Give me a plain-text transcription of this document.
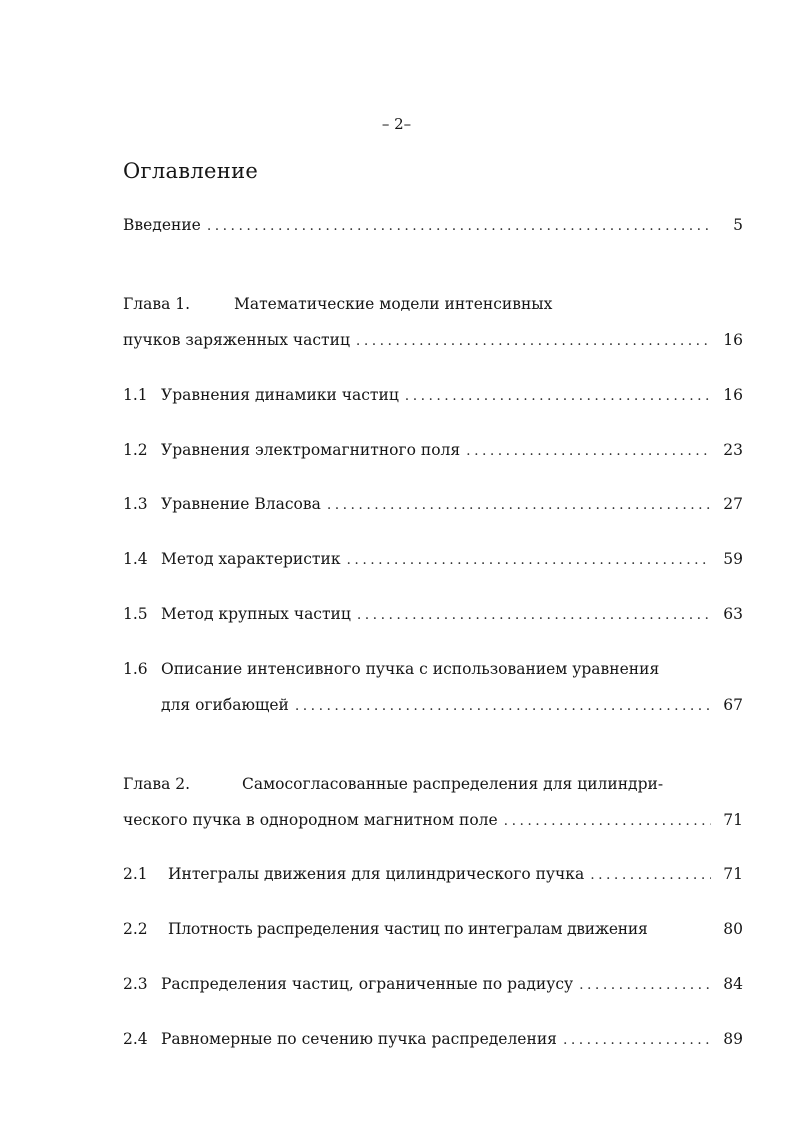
– 2–
Оглавление
Введение . . .	5
Глава 1.	Математические модели интенсивных
пучков заряженных частиц . . .	16
1.1 Уравнения динамики частиц . . .	16
1.2 Уравнения электромагнитного поля . . .	23
1.3 Уравнение Власова . . .	27
1.4 Метод характеристик . . .	59
1.5 Метод крупных частиц . . .	63
1.6 Описание интенсивного пучка с использованием уравнения
для огибающей . . .	67
Глава 2.	Самосогласованные распределения для цилиндри-
ческого пучка в однородном магнитном поле . . .	71
2.1	Интегралы движения для цилиндрического пучка . . .	71
2.2	Плотность распределения частиц по интегралам движения	80
2.3 Распределения частиц, ограниченные по радиусу . . .	84
2.4 Равномерные по сечению пучка распределения . . .	89
